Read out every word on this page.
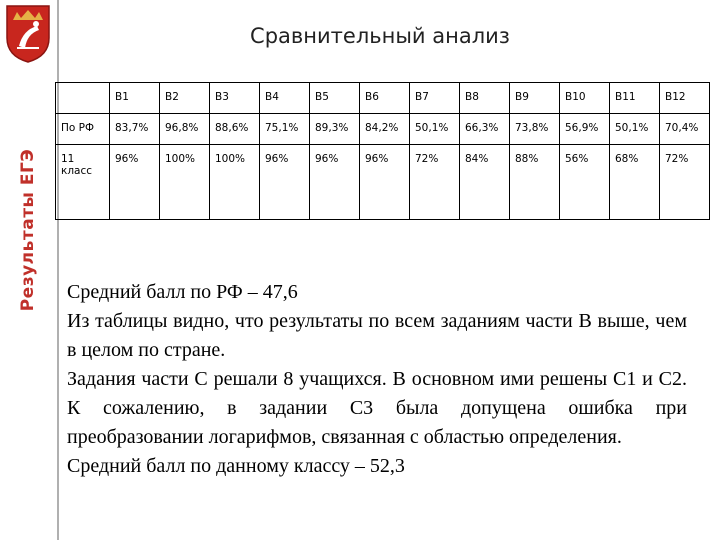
Результаты ЕГЭ
Сравнительный анализ
	B1	B2	B3	B4	B5	B6	B7	B8	B9	B10	B11	B12
По РФ	83,7%	96,8%	88,6%	75,1%	89,3%	84,2%	50,1%	66,3%	73,8%	56,9%	50,1%	70,4%
11
класс	96%	100%	100%	96%	96%	96%	72%	84%	88%	56%	68%	72%

Средний балл по РФ – 47,6

Из таблицы видно, что результаты по всем заданиям части В выше, чем в целом по стране.

Задания части С решали 8 учащихся. В основном ими решены С1 и С2. К сожалению, в задании С3 была допущена ошибка при преобразовании логарифмов, связанная с областью определения.

Средний балл по данному классу – 52,3
